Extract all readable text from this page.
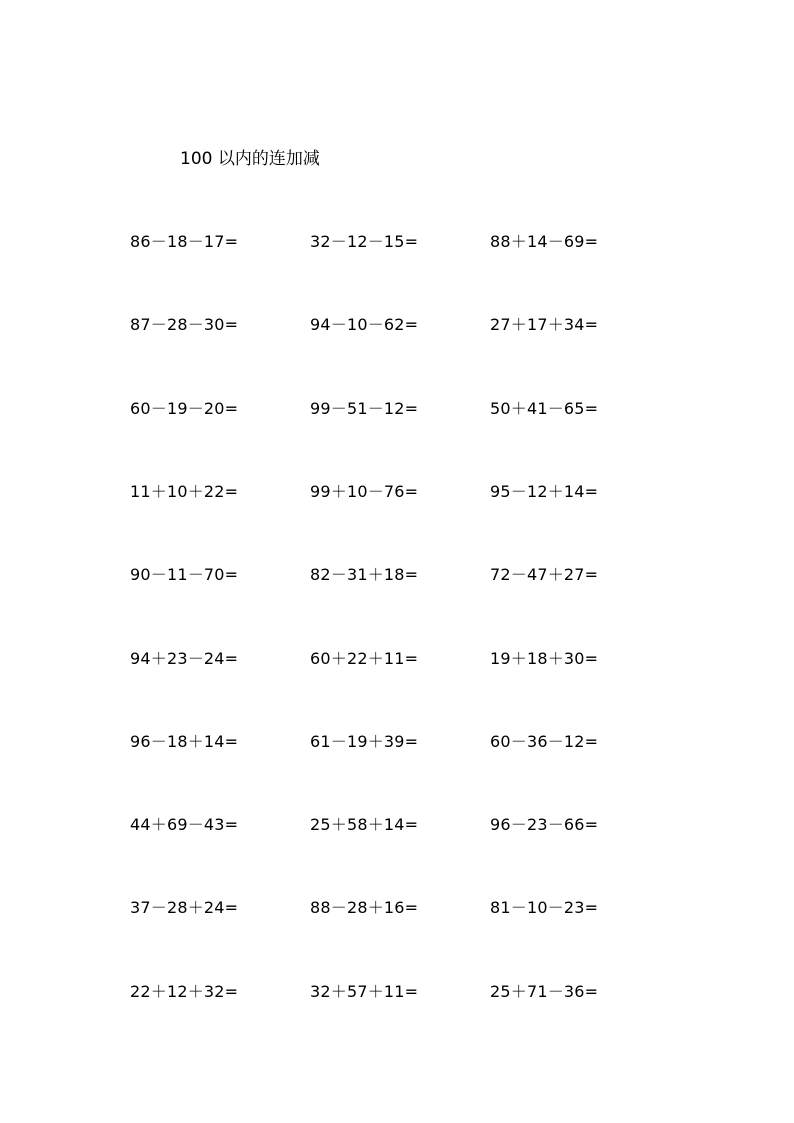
100 以内的连加减
86－18－17=	32－12－15=	88＋14－69=
87－28－30=	94－10－62=	27＋17＋34=
60－19－20=	99－51－12=	50＋41－65=
11＋10＋22=	99＋10－76=	95－12＋14=
90－11－70=	82－31＋18=	72－47＋27=
94＋23－24=	60＋22＋11=	19＋18＋30=
96－18＋14=	61－19＋39=	60－36－12=
44＋69－43=	25＋58＋14=	96－23－66=
37－28＋24=	88－28＋16=	81－10－23=
22＋12＋32=	32＋57＋11=	25＋71－36=
